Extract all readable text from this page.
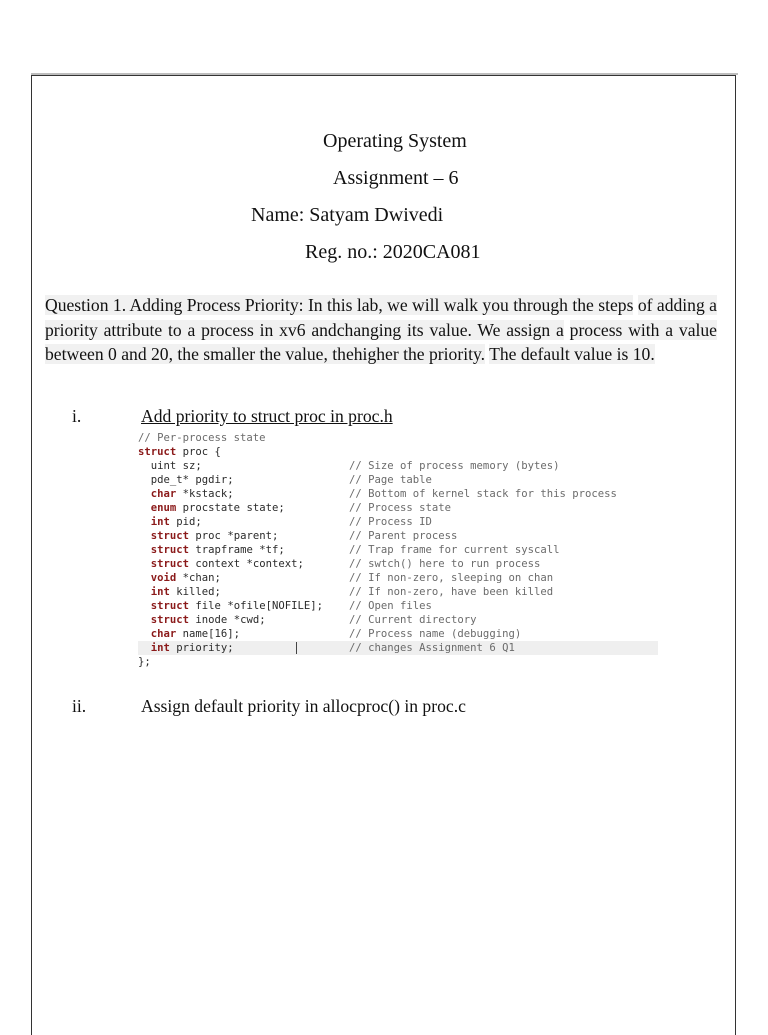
Operating System
Assignment – 6
Name: Satyam Dwivedi
Reg. no.: 2020CA081
Question 1. Adding Process Priority: In this lab, we will walk you through the steps of adding a priority attribute to a process in xv6 andchanging its value. We assign a process with a value between 0 and 20, the smaller the value, thehigher the priority. The default value is 10.
i.	Add priority to struct proc in proc.h

// Per-process state

struct proc {

uint sz;	// Size of process memory (bytes)
pde_t* pgdir;	// Page table
char *kstack;	// Bottom of kernel stack for this process
enum procstate state;	// Process state
int pid;	// Process ID
struct proc *parent;	// Parent process
struct trapframe *tf;	// Trap frame for current syscall
struct context *context;	// swtch() here to run process
void *chan;	// If non-zero, sleeping on chan
int killed;	// If non-zero, have been killed
struct file *ofile[NOFILE]; // Open files
struct inode *cwd;	// Current directory
char name[16];	// Process name (debugging)
int priority;	// changes Assignment 6 Q1

};

ii.	Assign default priority in allocproc() in proc.c
